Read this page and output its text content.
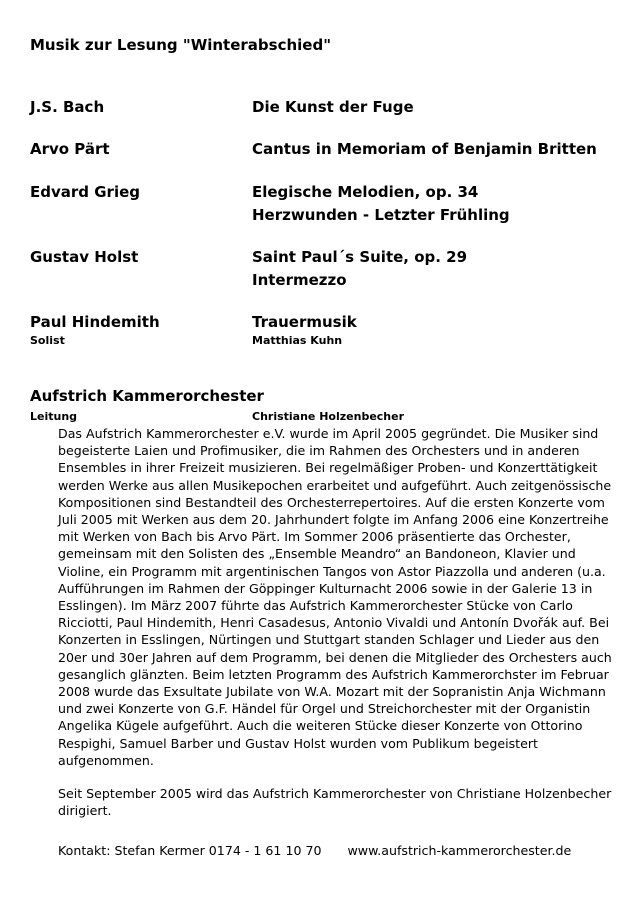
Musik zur Lesung "Winterabschied"
J.S. Bach	Die Kunst der Fuge
Arvo Pärt	Cantus in Memoriam of Benjamin Britten
Edvard Grieg	Elegische Melodien, op. 34
Herzwunden - Letzter Frühling
Gustav Holst	Saint Paul´s Suite, op. 29
Intermezzo
Paul Hindemith	Trauermusik
Solist	Matthias Kuhn
Aufstrich Kammerorchester
Leitung	Christiane Holzenbecher

Das Aufstrich Kammerorchester e.V. wurde im April 2005 gegründet. Die Musiker sind begeisterte Laien und Profimusiker, die im Rahmen des Orchesters und in anderen Ensembles in ihrer Freizeit musizieren. Bei regelmäßiger Proben- und Konzerttätigkeit werden Werke aus allen Musikepochen erarbeitet und aufgeführt. Auch zeitgenössische Kompositionen sind Bestandteil des Orchesterrepertoires. Auf die ersten Konzerte vom Juli 2005 mit Werken aus dem 20. Jahrhundert folgte im Anfang 2006 eine Konzertreihe mit Werken von Bach bis Arvo Pärt. Im Sommer 2006 präsentierte das Orchester, gemeinsam mit den Solisten des „Ensemble Meandro“ an Bandoneon, Klavier und Violine, ein Programm mit argentinischen Tangos von Astor Piazzolla und anderen (u.a. Aufführungen im Rahmen der Göppinger Kulturnacht 2006 sowie in der Galerie 13 in Esslingen). Im März 2007 führte das Aufstrich Kammerorchester Stücke von Carlo Ricciotti, Paul Hindemith, Henri Casadesus, Antonio Vivaldi und Antonín Dvořák auf. Bei Konzerten in Esslingen, Nürtingen und Stuttgart standen Schlager und Lieder aus den 20er und 30er Jahren auf dem Programm, bei denen die Mitglieder des Orchesters auch gesanglich glänzten. Beim letzten Programm des Aufstrich Kammerorchster im Februar 2008 wurde das Exsultate Jubilate von W.A. Mozart mit der Sopranistin Anja Wichmann und zwei Konzerte von G.F. Händel für Orgel und Streichorchester mit der Organistin Angelika Kügele aufgeführt. Auch die weiteren Stücke dieser Konzerte von Ottorino Respighi, Samuel Barber und Gustav Holst wurden vom Publikum begeistert aufgenommen.

Seit September 2005 wird das Aufstrich Kammerorchester von Christiane Holzenbecher dirigiert.

Kontakt: Stefan Kermer 0174 - 1 61 10 70 www.aufstrich-kammerorchester.de
